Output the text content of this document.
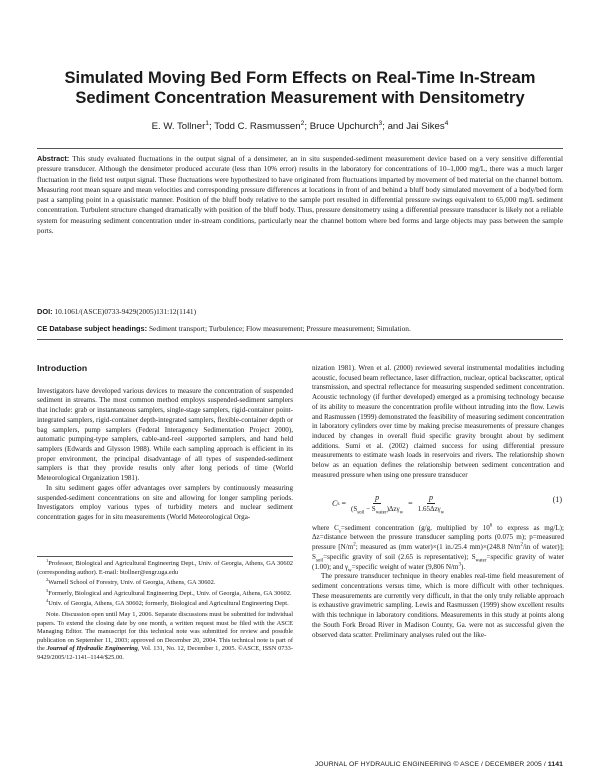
Simulated Moving Bed Form Effects on Real-Time In-Stream
Sediment Concentration Measurement with Densitometry
E. W. Tollner$^1$; Todd C. Rasmussen$^2$; Bruce Upchurch$^3$; and Jai Sikes$^4$
Abstract: This study evaluated fluctuations in the output signal of a densimeter, an in situ suspended-sediment measurement device based on a very sensitive differential pressure transducer. Although the densimeter produced accurate (less than 10% error) results in the laboratory for concentrations of 10–1,000 mg/L, there was a much larger fluctuation in the field test output signal. These fluctuations were hypothesized to have originated from fluctuations imparted by movement of bed material on the channel bottom. Measuring root mean square and mean velocities and corresponding pressure differences at locations in front of and behind a bluff body simulated movement of a body/bed form past a sampling point in a quasistatic manner. Position of the bluff body relative to the sample port resulted in differential pressure swings equivalent to 65,000 mg/L sediment concentration. Turbulent structure changed dramatically with position of the bluff body. Thus, pressure densitometry using a differential pressure transducer is likely not a reliable system for measuring sediment concentration under in-stream conditions, particularly near the channel bottom where bed forms and large objects may pass between the sample ports.
DOI: 10.1061/(ASCE)0733-9429(2005)131:12(1141)
CE Database subject headings: Sediment transport; Turbulence; Flow measurement; Pressure measurement; Simulation.
Introduction

Investigators have developed various devices to measure the concentration of suspended sediment in streams. The most common method employs suspended-sediment samplers that include: grab or instantaneous samplers, single-stage samplers, rigid-container point-integrated samplers, rigid-container depth-integrated samplers, flexible-container depth or bag samplers, pump samplers (Federal Interagency Sedimentation Project 2000), automatic pumping-type samplers, cable-and-reel -supported samplers, and hand held samplers (Edwards and Glysson 1988). While each sampling approach is efficient in its proper environment, the principal disadvantage of all types of suspended-sediment samplers is that they provide results only after long periods of time (World Meteorological Organization 1981).

In situ sediment gages offer advantages over samplers by continuously measuring suspended-sediment concentrations on site and allowing for longer sampling periods. Investigators employ various types of turbidity meters and nuclear sediment concentration gages for in situ measurements (World Meteorological Orga-

$^1$Professor, Biological and Agricultural Engineering Dept., Univ. of Georgia, Athens, GA 30602 (corresponding author). E-mail: btollner@engr.uga.edu

$^2$Warnell School of Forestry, Univ. of Georgia, Athens, GA 30602.

$^3$Formerly, Biological and Agricultural Engineering Dept., Univ. of Georgia, Athens, GA 30602.

$^4$Univ. of Georgia, Athens, GA 30602; formerly, Biological and Agricultural Engineering Dept.

Note. Discussion open until May 1, 2006. Separate discussions must be submitted for individual papers. To extend the closing date by one month, a written request must be filed with the ASCE Managing Editor. The manuscript for this technical note was submitted for review and possible publication on September 11, 2003; approved on December 20, 2004. This technical note is part of the Journal of Hydraulic Engineering, Vol. 131, No. 12, December 1, 2005. ©ASCE, ISSN 0733-9429/2005/12-1141–1144/$25.00.

nization 1981). Wren et al. (2000) reviewed several instrumental modalities including acoustic, focused beam reflectance, laser diffraction, nuclear, optical backscatter, optical transmission, and spectral reflectance for measuring suspended sediment concentration. Acoustic technology (if further developed) emerged as a promising technology because of its ability to measure the concentration profile without intruding into the flow. Lewis and Rasmussen (1999) demonstrated the feasibility of measuring sediment concentration in laboratory cylinders over time by making precise measurements of pressure changes induced by changes in overall fluid specific gravity brought about by sediment additions. Sumi et al. (2002) claimed success for using differential pressure measurements to estimate wash loads in reservoirs and rivers. The relationship shown below as an equation defines the relationship between sediment concentration and measured pressure when using one pressure transducer

C $s = \frac{p}{(S_{soil} - S_{water})\Delta z\gamma_w} = \frac{p}{1.65\Delta z\gamma_w}$	(1)

where $C_s=sediment$ concentration (g/g, multiplied by $10^6$ to express as mg/L); Δz=distance between the pressure transducer sampling ports (0.075 m); p=measured pressure [$N/m^2$; measured as (mm water)×(1 in./25.4 mm)×(248.8 $N/m^2/in$ of water)]; $S_{soil}=specific$ gravity of soil (2.65 is representative); $S_{water}=specific$ gravity of water (1.00); and $\gamma_w=specific$ weight of water (9,806 $N/m^3$).

The pressure transducer technique in theory enables real-time field measurement of sediment concentrations versus time, which is more difficult with other techniques. These measurements are currently very difficult, in that the only truly reliable approach is exhaustive gravimetric sampling. Lewis and Rasmussen (1999) show excellent results with this technique in laboratory conditions. Measurements in this study at points along the South Fork Broad River in Madison County, Ga. were not as successful given the observed data scatter. Preliminary analyses ruled out the like-

JOURNAL OF HYDRAULIC ENGINEERING © ASCE / DECEMBER 2005 / 1141
